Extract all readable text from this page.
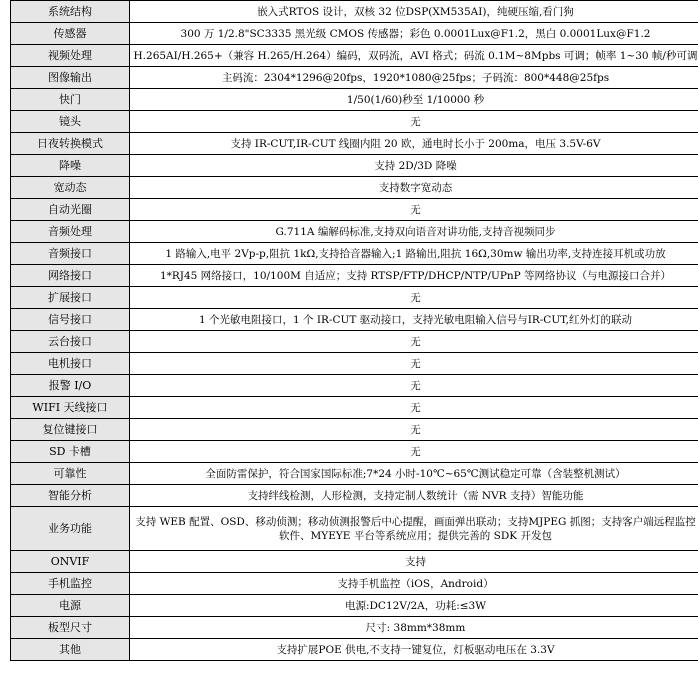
系统结构	嵌入式RTOS 设计，双核 32 位DSP(XM535AI)，纯硬压缩,看门狗
传感器	300 万 1/2.8"SC3335 黑光级 CMOS 传感器；彩色 0.0001Lux@F1.2，黑白 0.0001Lux@F1.2
视频处理	H.265AI/H.265+（兼容 H.265/H.264）编码，双码流，AVI 格式；码流 0.1M~8Mpbs 可调；帧率 1~30 帧/秒可调
图像输出	主码流：2304*1296@20fps，1920*1080@25fps；子码流：800*448@25fps
快门	1/50(1/60)秒至 1/10000 秒
镜头	无
日夜转换模式	支持 IR-CUT,IR-CUT 线圈内阻 20 欧，通电时长小于 200ma，电压 3.5V-6V
降噪	支持 2D/3D 降噪
宽动态	支持数字宽动态
自动光圈	无
音频处理	G.711A 编解码标准,支持双向语音对讲功能,支持音视频同步
音频接口	1 路输入,电平 2Vp-p,阻抗 1kΩ,支持拾音器输入;1 路输出,阻抗 16Ω,30mw 输出功率,支持连接耳机或功放
网络接口	1*RJ45 网络接口，10/100M 自适应；支持 RTSP/FTP/DHCP/NTP/UPnP 等网络协议（与电源接口合并）
扩展接口	无
信号接口	1 个光敏电阻接口，1 个 IR-CUT 驱动接口，支持光敏电阻输入信号与IR-CUT,红外灯的联动
云台接口	无
电机接口	无
报警 I/O	无
WIFI 天线接口	无
复位键接口	无
SD 卡槽	无
可靠性	全面防雷保护，符合国家国际标准;7*24 小时-10℃~65℃测试稳定可靠（含装整机测试）
智能分析	支持绊线检测，人形检测，支持定制人数统计（需 NVR 支持）智能功能
业务功能	支持 WEB 配置、OSD、移动侦测；移动侦测报警后中心提醒，画面弹出联动；支持MJPEG 抓图；支持客户端远程监控软件、MYEYE 平台等系统应用；提供完善的 SDK 开发包
ONVIF	支持
手机监控	支持手机监控（iOS，Android）
电源	电源:DC12V/2A，功耗:≤3W
板型尺寸	尺寸: 38mm*38mm
其他	支持扩展POE 供电,不支持一键复位，灯板驱动电压在 3.3V
